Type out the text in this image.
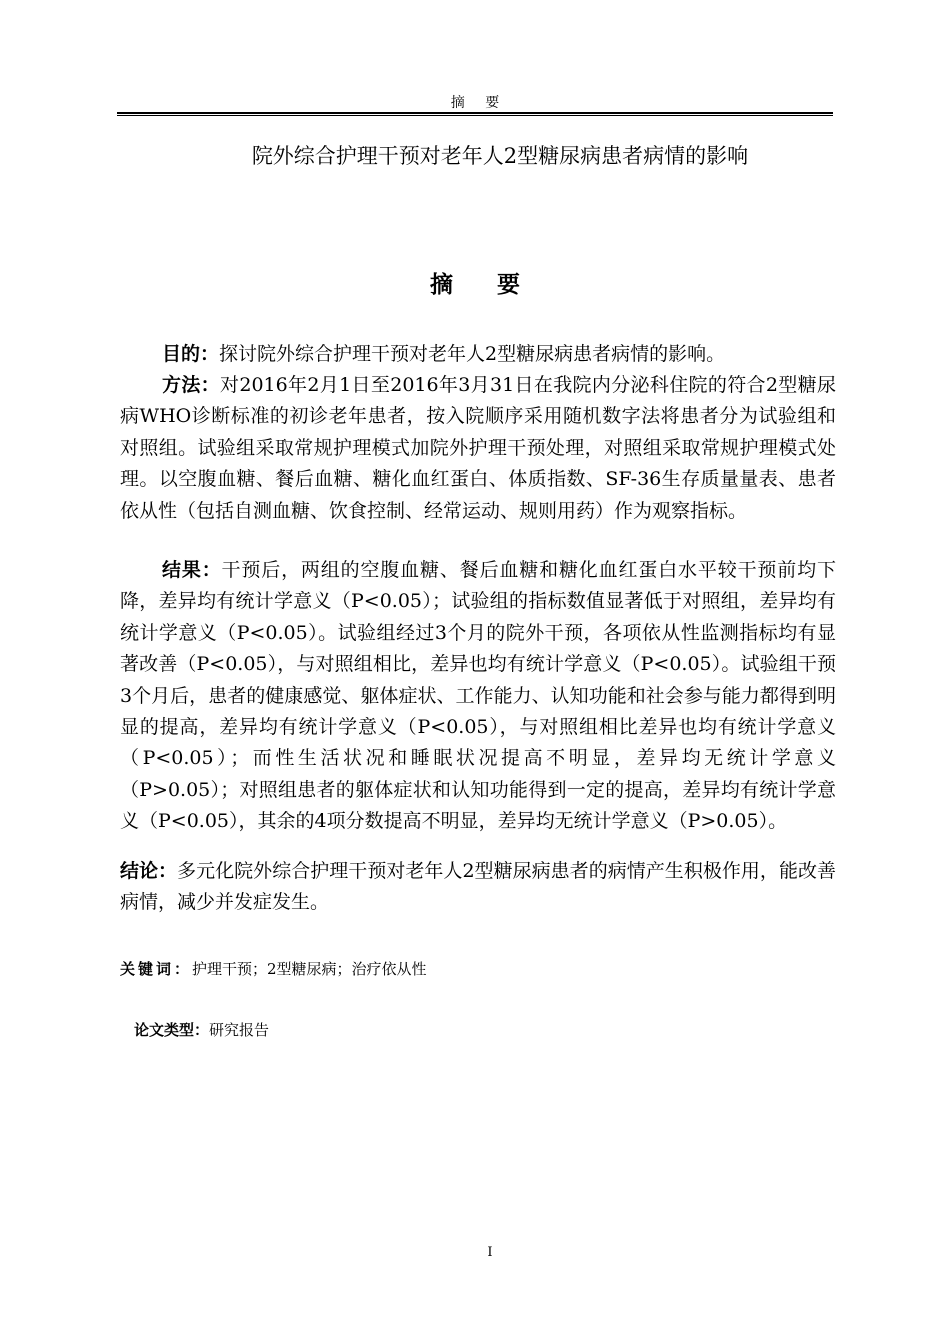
摘 要
院外综合护理干预对老年人2型糖尿病患者病情的影响
摘 要
目的：探讨院外综合护理干预对老年人2型糖尿病患者病情的影响。
方法：对2016年2月1日至2016年3月31日在我院内分泌科住院的符合2型糖尿病WHO诊断标准的初诊老年患者，按入院顺序采用随机数字法将患者分为试验组和对照组。试验组采取常规护理模式加院外护理干预处理，对照组采取常规护理模式处理。以空腹血糖、餐后血糖、糖化血红蛋白、体质指数、SF-36生存质量量表、患者依从性（包括自测血糖、饮食控制、经常运动、规则用药）作为观察指标。
结果：干预后，两组的空腹血糖、餐后血糖和糖化血红蛋白水平较干预前均下降，差异均有统计学意义（P<0.05）；试验组的指标数值显著低于对照组，差异均有统计学意义（P<0.05）。试验组经过3个月的院外干预，各项依从性监测指标均有显著改善（P<0.05），与对照组相比，差异也均有统计学意义（P<0.05）。试验组干预3个月后，患者的健康感觉、躯体症状、工作能力、认知功能和社会参与能力都得到明显的提高，差异均有统计学意义（P<0.05），与对照组相比差异也均有统计学意义 （P<0.05）；而性生活状况和睡眠状况提高不明显，差异均无统计学意义（P>0.05）；对照组患者的躯体症状和认知功能得到一定的提高，差异均有统计学意义（P<0.05），其余的4项分数提高不明显，差异均无统计学意义（P>0.05）。
结论：多元化院外综合护理干预对老年人2型糖尿病患者的病情产生积极作用，能改善病情，减少并发症发生。
关键词：护理干预；2型糖尿病；治疗依从性
论文类型：研究报告
I
